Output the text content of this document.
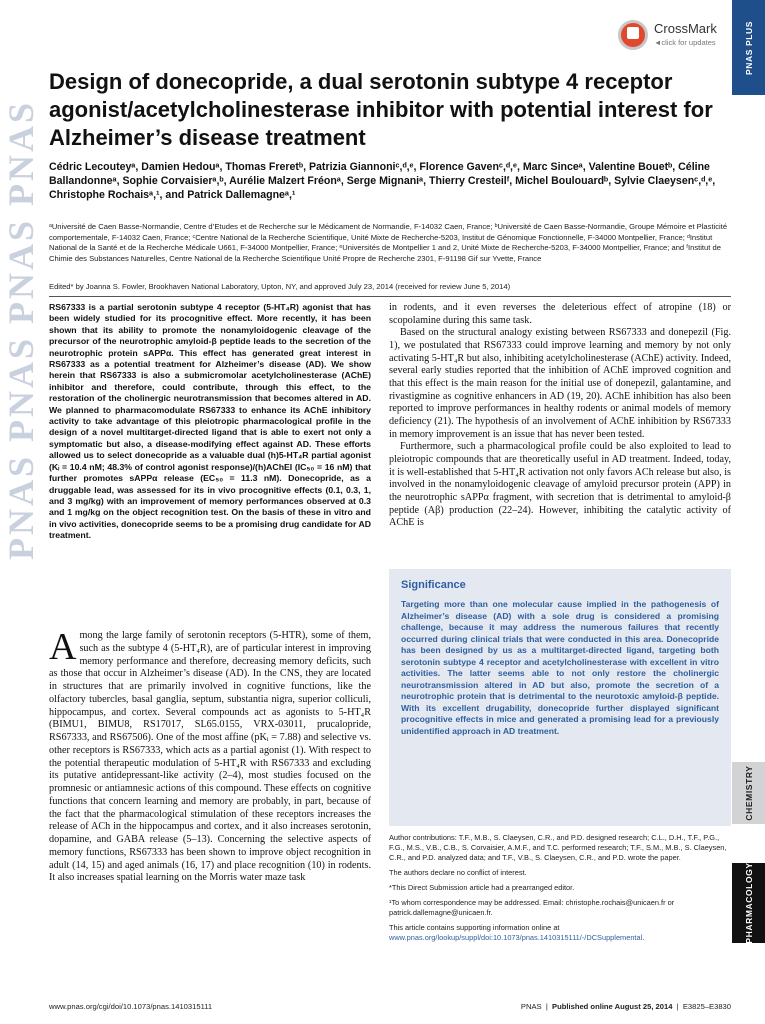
PNAS PNAS PNAS PNAS
CrossMark
◄click for updates	PNAS PLUS
CHEMISTRY
PHARMACOLOGY
Design of donecopride, a dual serotonin subtype 4 receptor agonist/acetylcholinesterase inhibitor with potential interest for Alzheimer’s disease treatment
Cédric Lecouteyᵃ, Damien Hedouᵃ, Thomas Freretᵇ, Patrizia Giannoniᶜ,ᵈ,ᵉ, Florence Gavenᶜ,ᵈ,ᵉ, Marc Sinceᵃ, Valentine Bouetᵇ, Céline Ballandonneᵃ, Sophie Corvaisierᵃ,ᵇ, Aurélie Malzert Fréonᵃ, Serge Mignaniᵃ, Thierry Cresteilᶠ, Michel Boulouardᵇ, Sylvie Claeysenᶜ,ᵈ,ᵉ, Christophe Rochaisᵃ,¹, and Patrick Dallemagneᵃ,¹
ᵃUniversité de Caen Basse-Normandie, Centre d’Etudes et de Recherche sur le Médicament de Normandie, F-14032 Caen, France; ᵇUniversité de Caen Basse-Normandie, Groupe Mémoire et Plasticité comportementale, F-14032 Caen, France; ᶜCentre National de la Recherche Scientifique, Unité Mixte de Recherche-5203, Institut de Génomique Fonctionnelle, F-34000 Montpellier, France; ᵈInstitut National de la Santé et de la Recherche Médicale U661, F-34000 Montpellier, France; ᵉUniversités de Montpellier 1 and 2, Unité Mixte de Recherche-5203, F-34000 Montpellier, France; and ᶠInstitut de Chimie des Substances Naturelles, Centre National de la Recherche Scientifique Unité Propre de Recherche 2301, F-91198 Gif sur Yvette, France
Edited* by Joanna S. Fowler, Brookhaven National Laboratory, Upton, NY, and approved July 23, 2014 (received for review June 5, 2014)

RS67333 is a partial serotonin subtype 4 receptor (5-HT₄R) agonist that has been widely studied for its procognitive effect. More recently, it has been shown that its ability to promote the nonamyloidogenic cleavage of the precursor of the neurotrophic amyloid-β peptide leads to the secretion of the neurotrophic protein sAPPα. This effect has generated great interest in RS67333 as a potential treatment for Alzheimer’s disease (AD). We show herein that RS67333 is also a submicromolar acetylcholinesterase (AChE) inhibitor and therefore, could contribute, through this effect, to the restoration of the cholinergic neurotransmission that becomes altered in AD. We planned to pharmacomodulate RS67333 to enhance its AChE inhibitory activity to take advantage of this pleiotropic pharmacological profile in the design of a novel multitarget-directed ligand that is able to exert not only a symptomatic but also, a disease-modifying effect against AD. These efforts allowed us to select donecopride as a valuable dual (h)5-HT₄R partial agonist (Kᵢ = 10.4 nM; 48.3% of control agonist response)/(h)AChEI (IC₅₀ = 16 nM) that further promotes sAPPα release (EC₅₀ = 11.3 nM). Donecopride, as a druggable lead, was assessed for its in vivo procognitive effects (0.1, 0.3, 1, and 3 mg/kg) with an improvement of memory performances observed at 0.3 and 1 mg/kg on the object recognition test. On the basis of these in vitro and in vivo activities, donecopride seems to be a promising drug candidate for AD treatment.

Among the large family of serotonin receptors (5-HTR), some of them, such as the subtype 4 (5-HT₄R), are of particular interest in improving memory performance and therefore, decreasing memory deficits, such as those that occur in Alzheimer’s disease (AD). In the CNS, they are located in structures that are primarily involved in cognitive functions, like the olfactory tubercles, basal ganglia, septum, substantia nigra, superior colliculi, hippocampus, and cortex. Several compounds act as agonists to 5-HT₄R (BIMU1, BIMU8, RS17017, SL65.0155, VRX-03011, prucalopride, RS67333, and RS67506). One of the most affine (pKᵢ = 7.88) and selective vs. other receptors is RS67333, which acts as a partial agonist (1). With respect to the potential therapeutic modulation of 5-HT₄R with RS67333 and excluding its putative antidepressant-like activity (2–4), most studies focused on the promnesic or antiamnesic actions of this compound. These effects on cognitive functions that concern learning and memory are probably, in part, because of the fact that the pharmacological stimulation of these receptors increases the release of ACh in the hippocampus and cortex, and it also increases serotonin, dopamine, and GABA release (5–13). Concerning the selective aspects of memory functions, RS67333 has been shown to improve object recognition in adult (14, 15) and aged animals (16, 17) and place recognition (10) in rodents. It also increases spatial learning on the Morris water maze task

in rodents, and it even reverses the deleterious effect of atropine (18) or scopolamine during this same task.

Based on the structural analogy existing between RS67333 and donepezil (Fig. 1), we postulated that RS67333 could improve learning and memory by not only activating 5-HT₄R but also, inhibiting acetylcholinesterase (AChE) activity. Indeed, several early studies reported that the inhibition of AChE improved cognition and that this effect is the main reason for the initial use of donepezil, galantamine, and rivastigmine as cognitive enhancers in AD (19, 20). AChE inhibition has also been reported to improve performances in healthy rodents or animal models of memory deficiency (21). The hypothesis of an involvement of AChE inhibition by RS67333 in memory improvement is an issue that has never been tested.

Furthermore, such a pharmacological profile could be also exploited to lead to pleiotropic compounds that are theoretically useful in AD treatment. Indeed, today, it is well-established that 5-HT₄R activation not only favors ACh release but also, is involved in the nonamyloidogenic cleavage of amyloid precursor protein (APP) in the neurotrophic sAPPα fragment, with secretion that is detrimental to amyloid-β peptide (Aβ) production (22–24). However, inhibiting the catalytic activity of AChE is

Significance

Targeting more than one molecular cause implied in the pathogenesis of Alzheimer’s disease (AD) with a sole drug is considered a promising challenge, because it may address the numerous failures that recently occurred during clinical trials that were conducted in this area. Donecopride has been designed by us as a multitarget-directed ligand, targeting both serotonin subtype 4 receptor and acetylcholinesterase with excellent in vitro activities. The latter seems able to not only restore the cholinergic neurotransmission altered in AD but also, promote the secretion of a neurotrophic protein that is detrimental to the neurotoxic amyloid-β peptide. With its excellent drugability, donecopride further displayed significant procognitive effects in mice and generated a promising lead for a previously unidentified approach in AD treatment.

Author contributions: T.F., M.B., S. Claeysen, C.R., and P.D. designed research; C.L., D.H., T.F., P.G., F.G., M.S., V.B., C.B., S. Corvaisier, A.M.F., and T.C. performed research; T.F., S.M., M.B., S. Claeysen, C.R., and P.D. analyzed data; and T.F., V.B., S. Claeysen, C.R., and P.D. wrote the paper.

The authors declare no conflict of interest.

*This Direct Submission article had a prearranged editor.

¹To whom correspondence may be addressed. Email: christophe.rochais@unicaen.fr or patrick.dallemagne@unicaen.fr.

This article contains supporting information online at www.pnas.org/lookup/suppl/doi:10.1073/pnas.1410315111/-/DCSupplemental.

www.pnas.org/cgi/doi/10.1073/pnas.1410315111	PNAS  |  Published online August 25, 2014  |  E3825–E3830
